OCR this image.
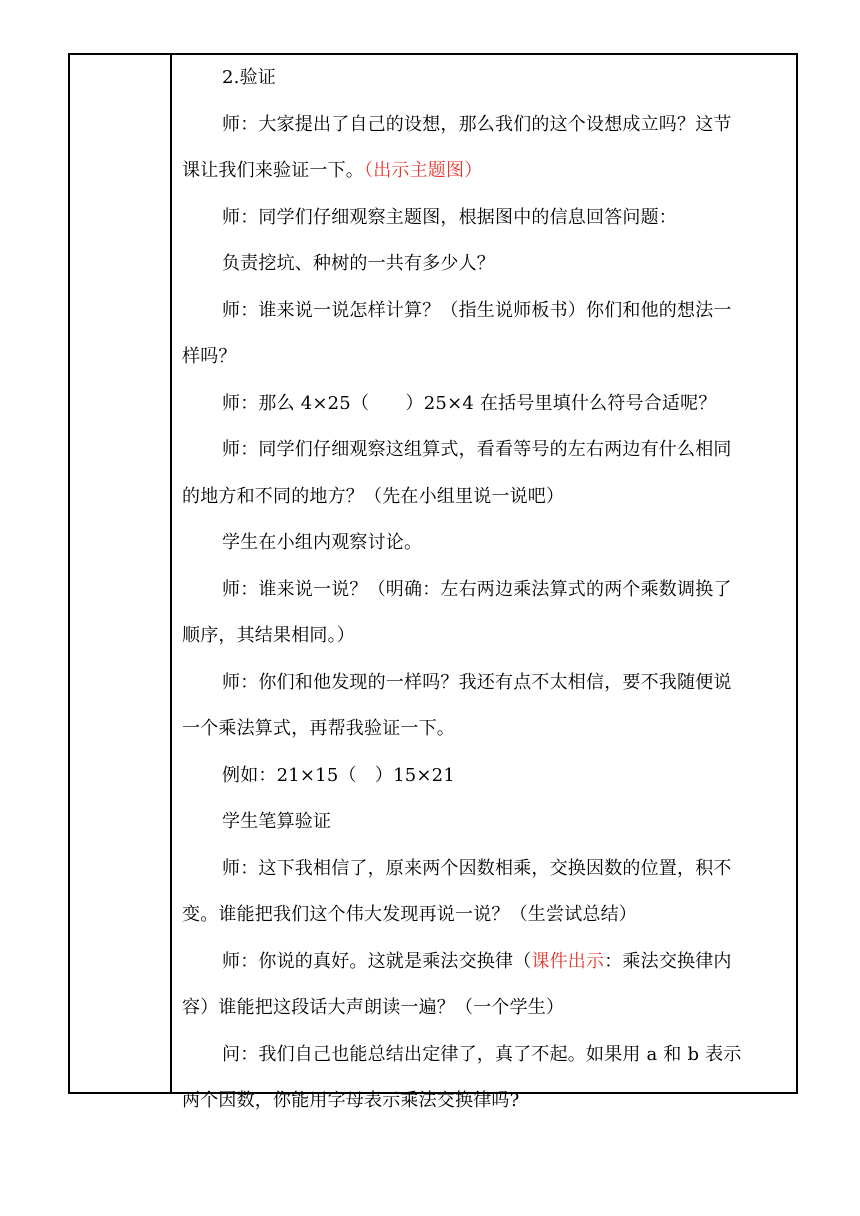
2.验证
师：大家提出了自己的设想，那么我们的这个设想成立吗？这节
课让我们来验证一下。（出示主题图）
师：同学们仔细观察主题图，根据图中的信息回答问题：
负责挖坑、种树的一共有多少人？
师：谁来说一说怎样计算？（指生说师板书）你们和他的想法一
样吗？
师：那么 4×25（　　）25×4 在括号里填什么符号合适呢？
师：同学们仔细观察这组算式，看看等号的左右两边有什么相同
的地方和不同的地方？（先在小组里说一说吧）
学生在小组内观察讨论。
师：谁来说一说？（明确：左右两边乘法算式的两个乘数调换了
顺序，其结果相同。）
师：你们和他发现的一样吗？我还有点不太相信，要不我随便说
一个乘法算式，再帮我验证一下。
例如：21×15（　）15×21
学生笔算验证
师：这下我相信了，原来两个因数相乘，交换因数的位置，积不
变。谁能把我们这个伟大发现再说一说？（生尝试总结）
师：你说的真好。这就是乘法交换律（课件出示：乘法交换律内
容）谁能把这段话大声朗读一遍？（一个学生）
问：我们自己也能总结出定律了，真了不起。如果用 a 和 b 表示
两个因数，你能用字母表示乘法交换律吗?
